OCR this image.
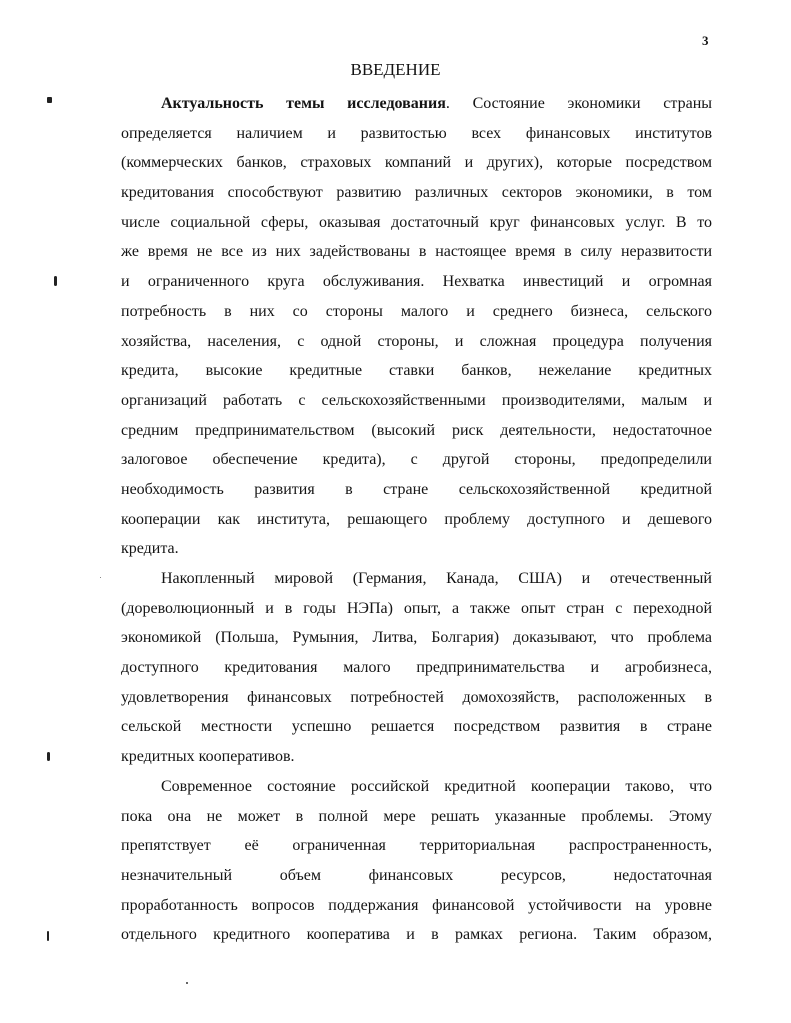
3
ВВЕДЕНИЕ
Актуальность темы исследования. Состояние экономики страны
определяется наличием и развитостью всех финансовых институтов
(коммерческих банков, страховых компаний и других), которые посредством
кредитования способствуют развитию различных секторов экономики, в том
числе социальной сферы, оказывая достаточный круг финансовых услуг. В то
же время не все из них задействованы в настоящее время в силу неразвитости
и ограниченного круга обслуживания. Нехватка инвестиций и огромная
потребность в них со стороны малого и среднего бизнеса, сельского
хозяйства, населения, с одной стороны, и сложная процедура получения
кредита, высокие кредитные ставки банков, нежелание кредитных
организаций работать с сельскохозяйственными производителями, малым и
средним предпринимательством (высокий риск деятельности, недостаточное
залоговое обеспечение кредита), с другой стороны, предопределили
необходимость развития в стране сельскохозяйственной кредитной
кооперации как института, решающего проблему доступного и дешевого
кредита.
Накопленный мировой (Германия, Канада, США) и отечественный
(дореволюционный и в годы НЭПа) опыт, а также опыт стран с переходной
экономикой (Польша, Румыния, Литва, Болгария) доказывают, что проблема
доступного кредитования малого предпринимательства и агробизнеса,
удовлетворения финансовых потребностей домохозяйств, расположенных в
сельской местности успешно решается посредством развития в стране
кредитных кооперативов.
Современное состояние российской кредитной кооперации таково, что
пока она не может в полной мере решать указанные проблемы. Этому
препятствует её ограниченная территориальная распространенность,
незначительный объем финансовых ресурсов, недостаточная
проработанность вопросов поддержания финансовой устойчивости на уровне
отдельного кредитного кооператива и в рамках региона. Таким образом,
